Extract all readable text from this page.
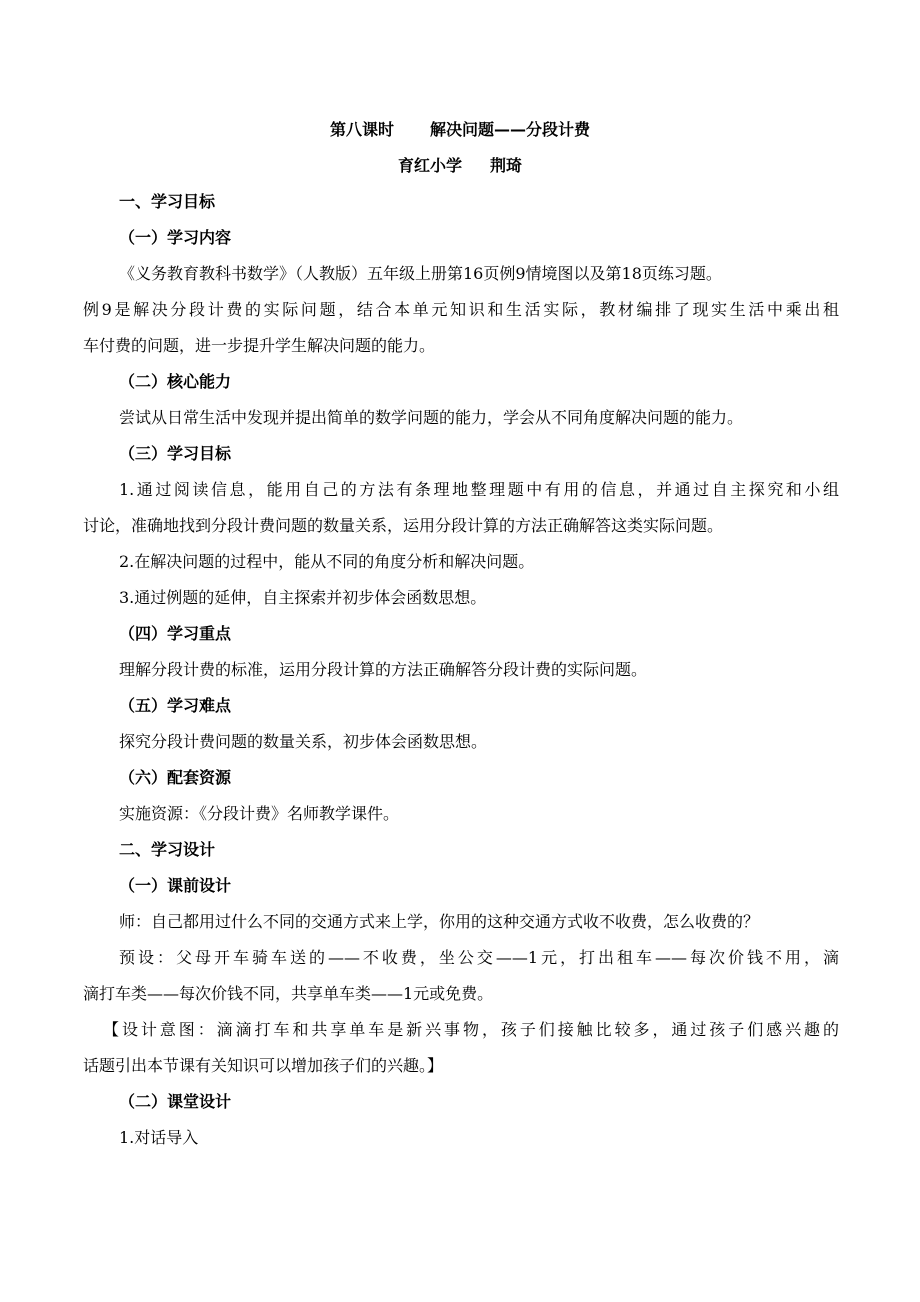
第八课时 解决问题——分段计费
育红小学 荆琦
一、学习目标
（一）学习内容
《义务教育教科书数学》（人教版）五年级上册第16页例9情境图以及第18页练习题。
例9是解决分段计费的实际问题，结合本单元知识和生活实际，教材编排了现实生活中乘出租
车付费的问题，进一步提升学生解决问题的能力。
（二）核心能力
尝试从日常生活中发现并提出简单的数学问题的能力，学会从不同角度解决问题的能力。
（三）学习目标
1.通过阅读信息，能用自己的方法有条理地整理题中有用的信息，并通过自主探究和小组
讨论，准确地找到分段计费问题的数量关系，运用分段计算的方法正确解答这类实际问题。
2.在解决问题的过程中，能从不同的角度分析和解决问题。
3.通过例题的延伸，自主探索并初步体会函数思想。
（四）学习重点
理解分段计费的标准，运用分段计算的方法正确解答分段计费的实际问题。
（五）学习难点
探究分段计费问题的数量关系，初步体会函数思想。
（六）配套资源
实施资源：《分段计费》名师教学课件。
二、学习设计
（一）课前设计
师：自己都用过什么不同的交通方式来上学，你用的这种交通方式收不收费，怎么收费的？
预设：父母开车骑车送的——不收费，坐公交——1元，打出租车——每次价钱不用，滴
滴打车类——每次价钱不同，共享单车类——1元或免费。
【设计意图：滴滴打车和共享单车是新兴事物，孩子们接触比较多，通过孩子们感兴趣的
话题引出本节课有关知识可以增加孩子们的兴趣。】
（二）课堂设计
1.对话导入
